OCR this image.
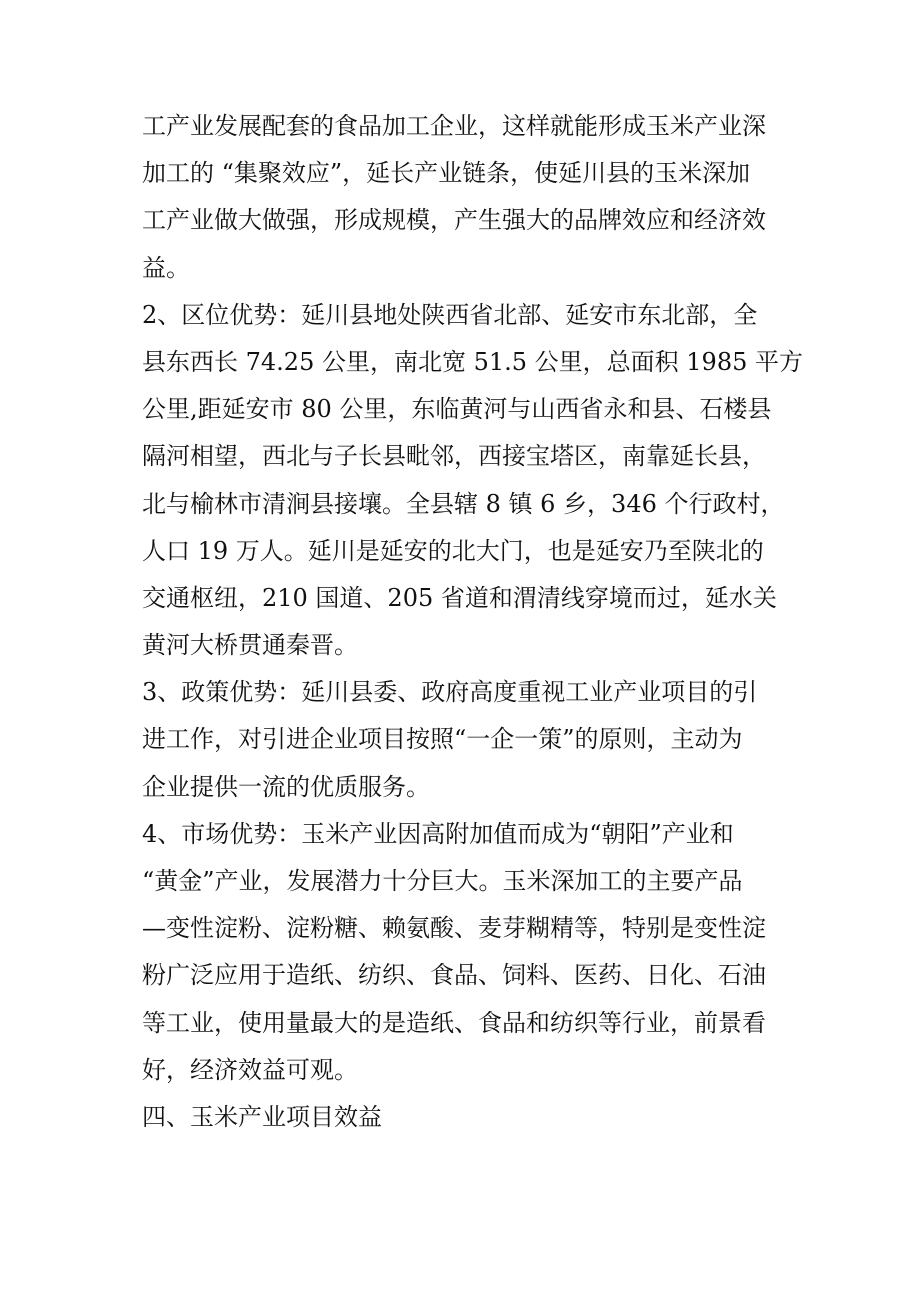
工产业发展配套的食品加工企业，这样就能形成玉米产业深
加工的 “集聚效应”，延长产业链条，使延川县的玉米深加
工产业做大做强，形成规模，产生强大的品牌效应和经济效
益。
2、区位优势：延川县地处陕西省北部、延安市东北部，全
县东西长 74.25 公里，南北宽 51.5 公里，总面积 1985 平方
公里,距延安市 80 公里，东临黄河与山西省永和县、石楼县
隔河相望，西北与子长县毗邻，西接宝塔区，南靠延长县，
北与榆林市清涧县接壤。全县辖 8 镇 6 乡，346 个行政村，
人口 19 万人。延川是延安的北大门，也是延安乃至陕北的
交通枢纽，210 国道、205 省道和渭清线穿境而过，延水关
黄河大桥贯通秦晋。
3、政策优势：延川县委、政府高度重视工业产业项目的引
进工作，对引进企业项目按照“一企一策”的原则，主动为
企业提供一流的优质服务。
4、市场优势：玉米产业因高附加值而成为“朝阳”产业和
“黄金”产业，发展潜力十分巨大。玉米深加工的主要产品
—变性淀粉、淀粉糖、赖氨酸、麦芽糊精等，特别是变性淀
粉广泛应用于造纸、纺织、食品、饲料、医药、日化、石油
等工业，使用量最大的是造纸、食品和纺织等行业，前景看
好，经济效益可观。
四、玉米产业项目效益
